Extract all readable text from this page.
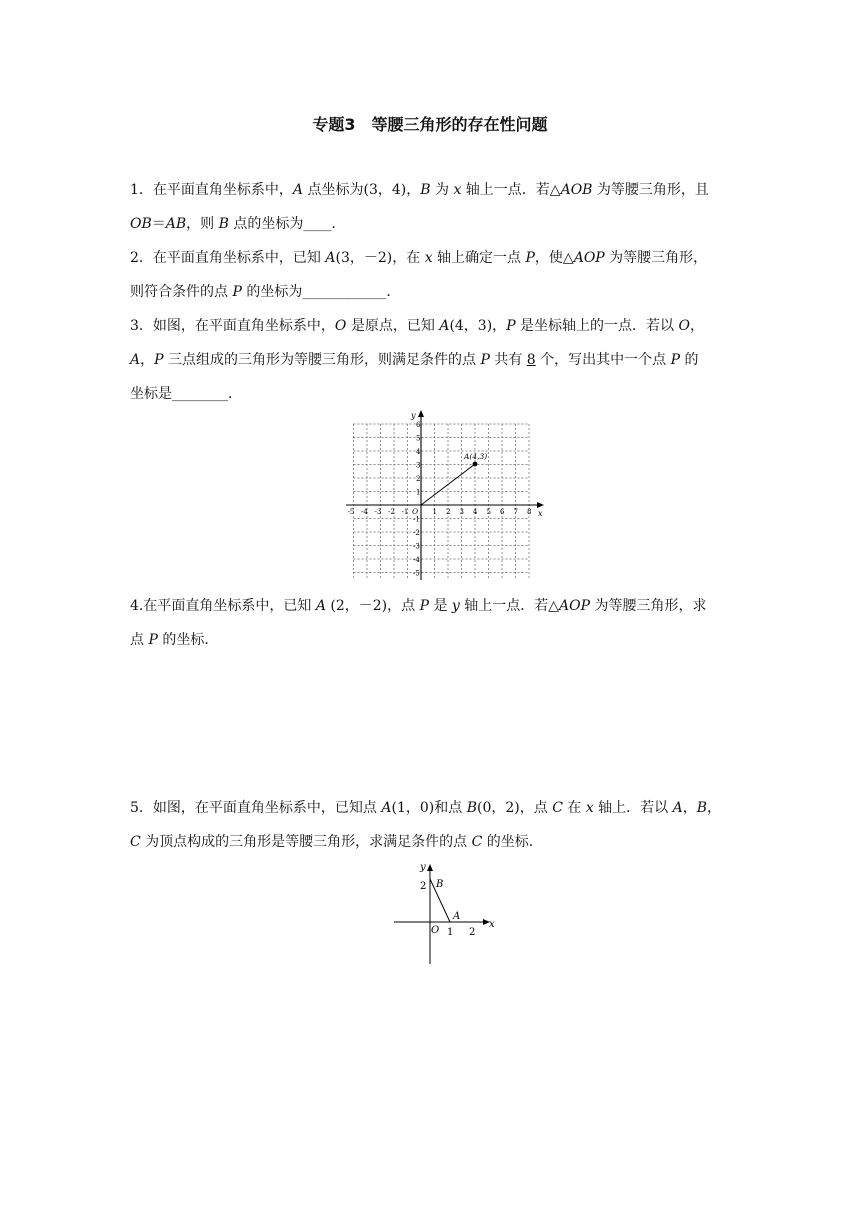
专题3　等腰三角形的存在性问题
1．在平面直角坐标系中，A 点坐标为(3，4)，B 为 x 轴上一点．若△AOB 为等腰三角形，且
OB＝AB，则 B 点的坐标为____．
2．在平面直角坐标系中，已知 A(3，－2)，在 x 轴上确定一点 P，使△AOP 为等腰三角形，
则符合条件的点 P 的坐标为____________．
3．如图，在平面直角坐标系中，O 是原点，已知 A(4，3)，P 是坐标轴上的一点．若以 O，
A，P 三点组成的三角形为等腰三角形，则满足条件的点 P 共有 8 个，写出其中一个点 P 的
坐标是________．
x
y
O
-5 -4 -3 -2 -1	1 2 3 4 5 6 7 8
6
5
4
3
2
1
-1
-2
-3
-4
-5
A(4,3)
4.在平面直角坐标系中，已知 A (2，－2)，点 P 是 y 轴上一点．若△AOP 为等腰三角形，求
点 P 的坐标．
5．如图，在平面直角坐标系中，已知点 A(1，0)和点 B(0，2)，点 C 在 x 轴上．若以 A，B，
C 为顶点构成的三角形是等腰三角形，求满足条件的点 C 的坐标.
y
x
O
2 B
A
1 2
